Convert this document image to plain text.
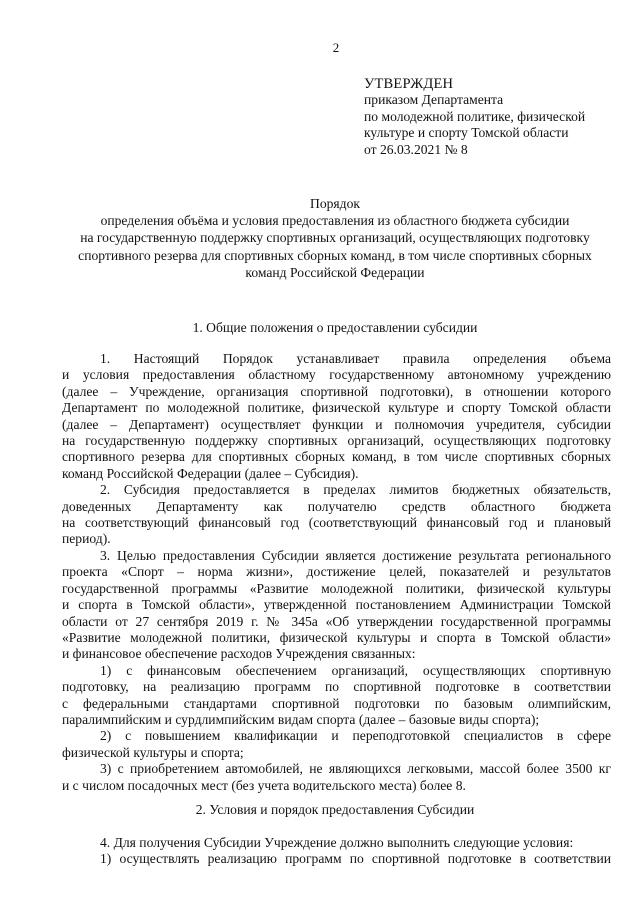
2
УТВЕРЖДЕН
приказом Департамента
по молодежной политике, физической
культуре и спорту Томской области
от 26.03.2021 № 8
Порядок
определения объёма и условия предоставления из областного бюджета субсидии
на государственную поддержку спортивных организаций, осуществляющих подготовку
спортивного резерва для спортивных сборных команд, в том числе спортивных сборных
команд Российской Федерации
1. Общие положения о предоставлении субсидии

1. Настоящий Порядок устанавливает правила определения объема

и условия предоставления областному государственному автономному учреждению

(далее – Учреждение, организация спортивной подготовки), в отношении которого

Департамент по молодежной политике, физической культуре и спорту Томской области

(далее – Департамент) осуществляет функции и полномочия учредителя, субсидии

на государственную поддержку спортивных организаций, осуществляющих подготовку

спортивного резерва для спортивных сборных команд, в том числе спортивных сборных

команд Российской Федерации (далее – Субсидия).

2. Субсидия предоставляется в пределах лимитов бюджетных обязательств,

доведенных Департаменту как получателю средств областного бюджета

на соответствующий финансовый год (соответствующий финансовый год и плановый

период).

3. Целью предоставления Субсидии является достижение результата регионального

проекта «Спорт – норма жизни», достижение целей, показателей и результатов

государственной программы «Развитие молодежной политики, физической культуры

и спорта в Томской области», утвержденной постановлением Администрации Томской

области от 27 сентября 2019 г. № 345а «Об утверждении государственной программы

«Развитие молодежной политики, физической культуры и спорта в Томской области»

и финансовое обеспечение расходов Учреждения связанных:

1) с финансовым обеспечением организаций, осуществляющих спортивную

подготовку, на реализацию программ по спортивной подготовке в соответствии

с федеральными стандартами спортивной подготовки по базовым олимпийским,

паралимпийским и сурдлимпийским видам спорта (далее – базовые виды спорта);

2) с повышением квалификации и переподготовкой специалистов в сфере

физической культуры и спорта;

3) с приобретением автомобилей, не являющихся легковыми, массой более 3500 кг

и с числом посадочных мест (без учета водительского места) более 8.

2. Условия и порядок предоставления Субсидии

4. Для получения Субсидии Учреждение должно выполнить следующие условия:

1) осуществлять реализацию программ по спортивной подготовке в соответствии
